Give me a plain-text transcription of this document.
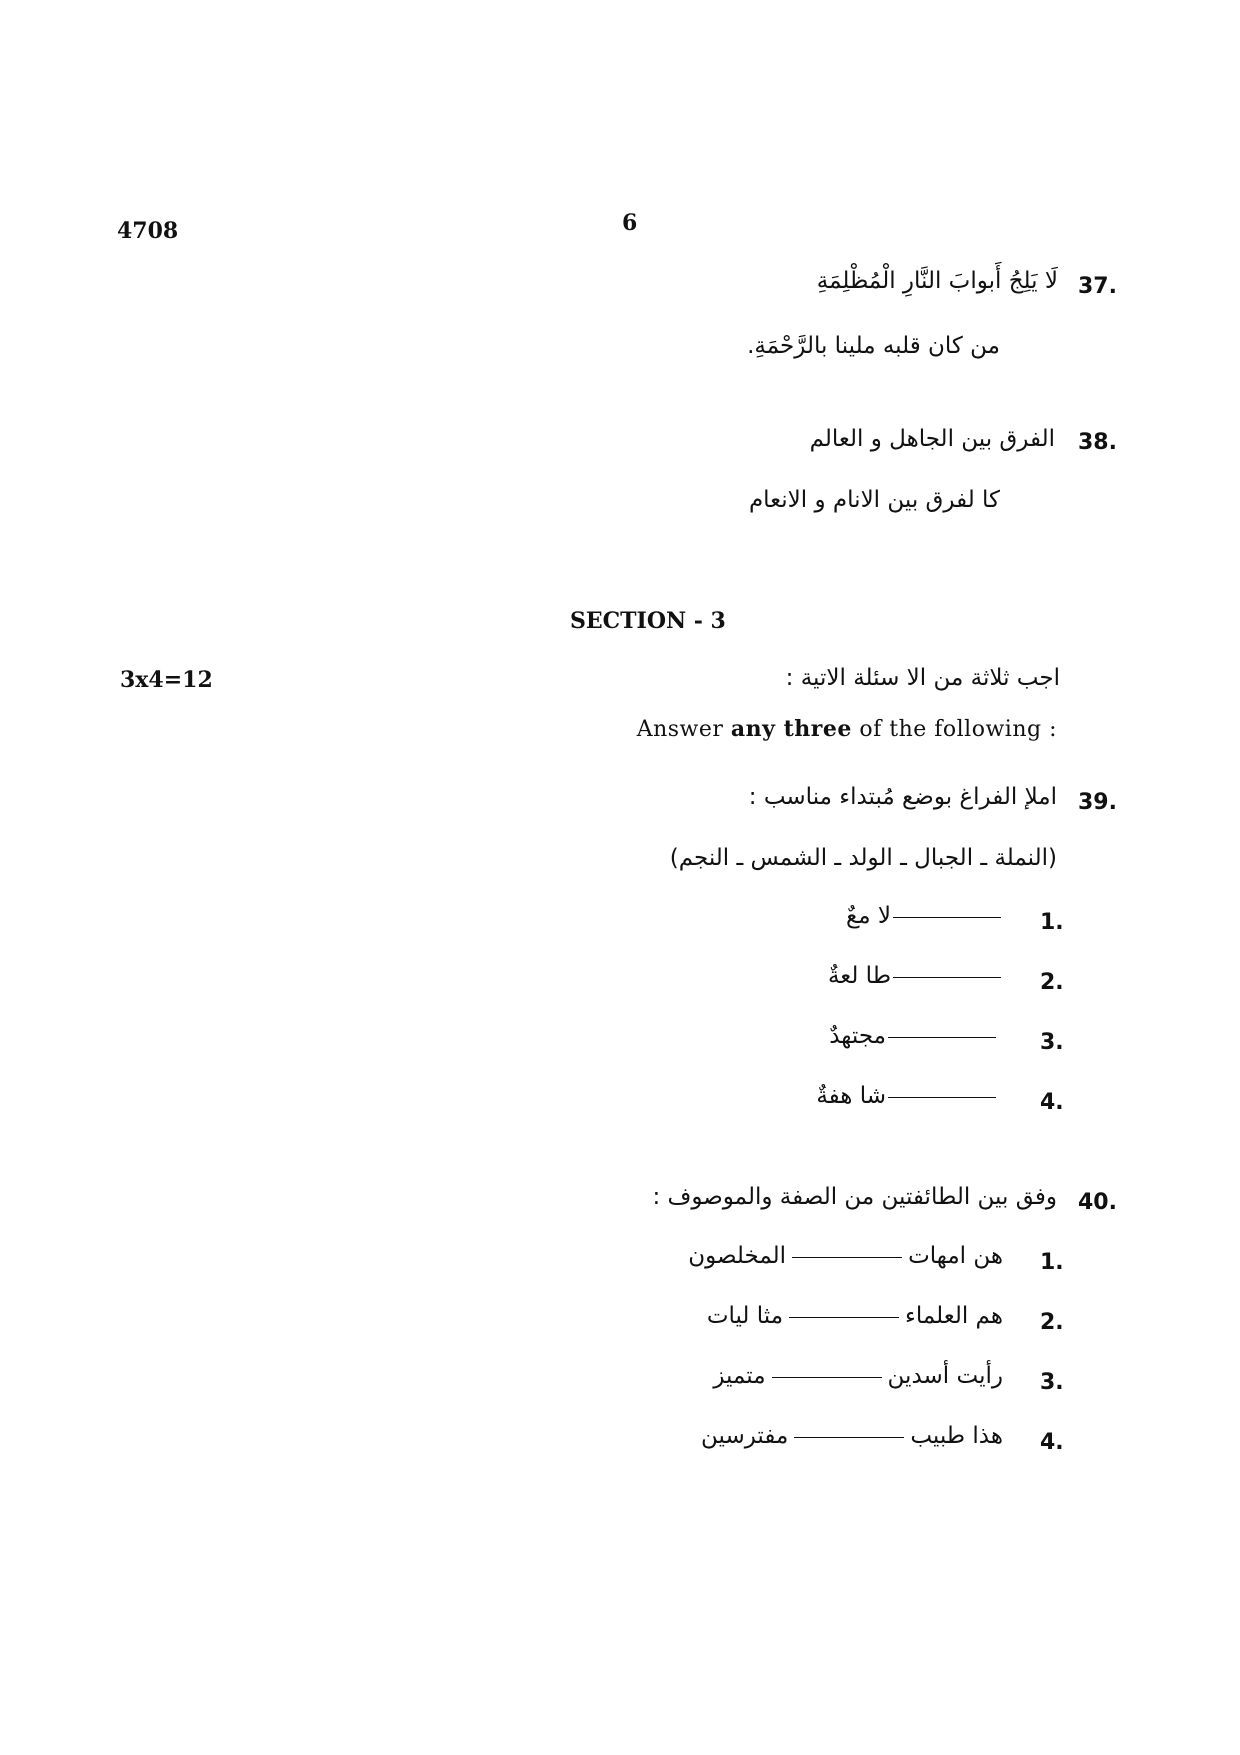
4708	6
37.
لَا يَلِجُ أَبوابَ النَّارِ الْمُظْلِمَةِ
من كان قلبه ملينا بالرَّحْمَةِ.
38.
الفرق بين الجاهل و العالم
كا لفرق بين الانام و الانعام
SECTION - 3
3x4=12	اجب ثلاثة من الا سئلة الاتية :
Answer any three of the following :
39.
املإ الفراغ بوضع مُبتداء مناسب :
(النملة ـ الجبال ـ الولد ـ الشمس ـ النجم)
1.
لا معٌ
2.
طا لعةٌ
3.
مجتهدٌ
4.
شا هفةٌ
40.
وفق بين الطائفتين من الصفة والموصوف :
1.
هن امهاتالمخلصون
2.
هم العلماءمثا ليات
3.
رأيت أسدينمتميز
4.
هذا طبيبمفترسين
